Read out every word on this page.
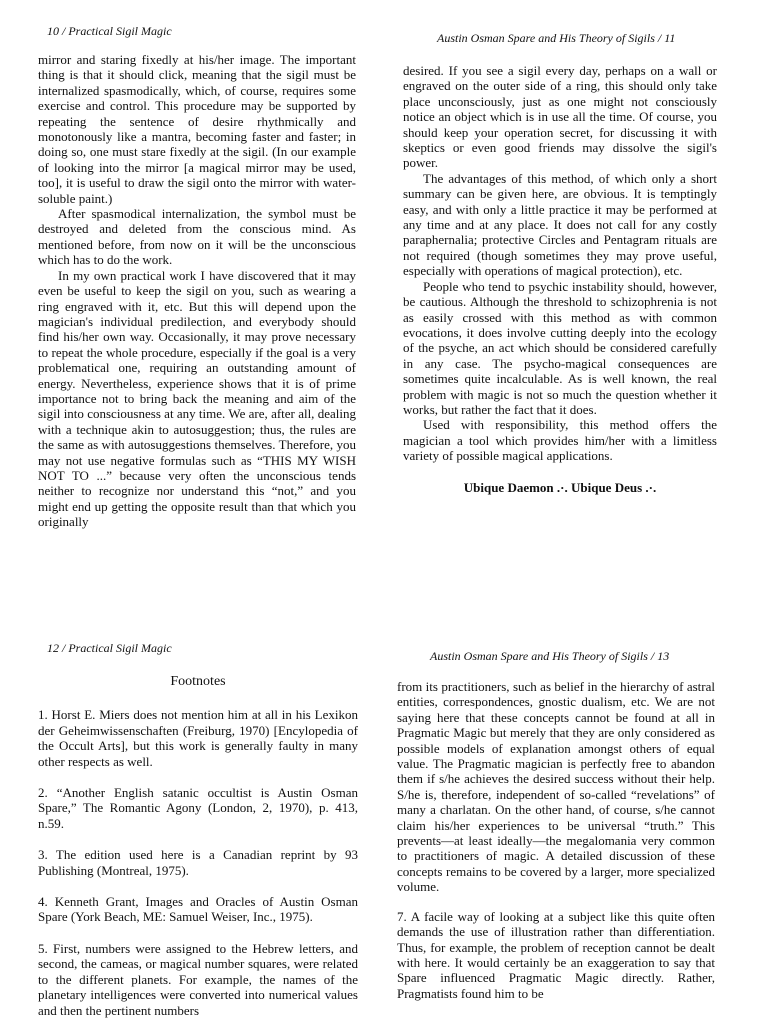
10 / Practical Sigil Magic

mirror and staring fixedly at his/her image. The important thing is that it should click, meaning that the sigil must be internalized spasmodically, which, of course, requires some exercise and control. This procedure may be supported by repeating the sentence of desire rhythmically and monotonously like a mantra, becoming faster and faster; in doing so, one must stare fixedly at the sigil. (In our example of looking into the mirror [a magical mirror may be used, too], it is useful to draw the sigil onto the mirror with water-soluble paint.)

After spasmodical internalization, the symbol must be destroyed and deleted from the conscious mind. As mentioned before, from now on it will be the unconscious which has to do the work.

In my own practical work I have discovered that it may even be useful to keep the sigil on you, such as wearing a ring engraved with it, etc. But this will depend upon the magician's individual predilection, and everybody should find his/her own way. Occasionally, it may prove necessary to repeat the whole procedure, especially if the goal is a very problematical one, requiring an outstanding amount of energy. Nevertheless, experience shows that it is of prime importance not to bring back the meaning and aim of the sigil into consciousness at any time. We are, after all, dealing with a technique akin to autosuggestion; thus, the rules are the same as with autosuggestions themselves. Therefore, you may not use negative formulas such as “THIS MY WISH NOT TO ...” because very often the unconscious tends neither to recognize nor understand this “not,” and you might end up getting the opposite result than that which you originally

Austin Osman Spare and His Theory of Sigils / 11

desired. If you see a sigil every day, perhaps on a wall or engraved on the outer side of a ring, this should only take place unconsciously, just as one might not consciously notice an object which is in use all the time. Of course, you should keep your operation secret, for discussing it with skeptics or even good friends may dissolve the sigil's power.

The advantages of this method, of which only a short summary can be given here, are obvious. It is temptingly easy, and with only a little practice it may be performed at any time and at any place. It does not call for any costly paraphernalia; protective Circles and Pentagram rituals are not required (though sometimes they may prove useful, especially with operations of magical protection), etc.

People who tend to psychic instability should, however, be cautious. Although the threshold to schizophrenia is not as easily crossed with this method as with common evocations, it does involve cutting deeply into the ecology of the psyche, an act which should be considered carefully in any case. The psycho-magical consequences are sometimes quite incalculable. As is well known, the real problem with magic is not so much the question whether it works, but rather the fact that it does.

Used with responsibility, this method offers the magician a tool which provides him/her with a limitless variety of possible magical applications.

Ubique Daemon .·. Ubique Deus .·.
12 / Practical Sigil Magic
Footnotes

1. Horst E. Miers does not mention him at all in his Lexikon der Geheimwissenschaften (Freiburg, 1970) [Encylopedia of the Occult Arts], but this work is generally faulty in many other respects as well.

2. “Another English satanic occultist is Austin Osman Spare,” The Romantic Agony (London, 2, 1970), p. 413, n.59.

3. The edition used here is a Canadian reprint by 93 Publishing (Montreal, 1975).

4. Kenneth Grant, Images and Oracles of Austin Osman Spare (York Beach, ME: Samuel Weiser, Inc., 1975).

5. First, numbers were assigned to the Hebrew letters, and second, the cameas, or magical number squares, were related to the different planets. For example, the names of the planetary intelligences were converted into numerical values and then the pertinent numbers

Austin Osman Spare and His Theory of Sigils / 13

from its practitioners, such as belief in the hierarchy of astral entities, correspondences, gnostic dualism, etc. We are not saying here that these concepts cannot be found at all in Pragmatic Magic but merely that they are only considered as possible models of explanation amongst others of equal value. The Pragmatic magician is perfectly free to abandon them if s/he achieves the desired success without their help. S/he is, therefore, independent of so-called “revelations” of many a charlatan. On the other hand, of course, s/he cannot claim his/her experiences to be universal “truth.” This prevents—at least ideally—the megalomania very common to practitioners of magic. A detailed discussion of these concepts remains to be covered by a larger, more specialized volume.

7. A facile way of looking at a subject like this quite often demands the use of illustration rather than differentiation. Thus, for example, the problem of reception cannot be dealt with here. It would certainly be an exaggeration to say that Spare influenced Pragmatic Magic directly. Rather, Pragmatists found him to be
